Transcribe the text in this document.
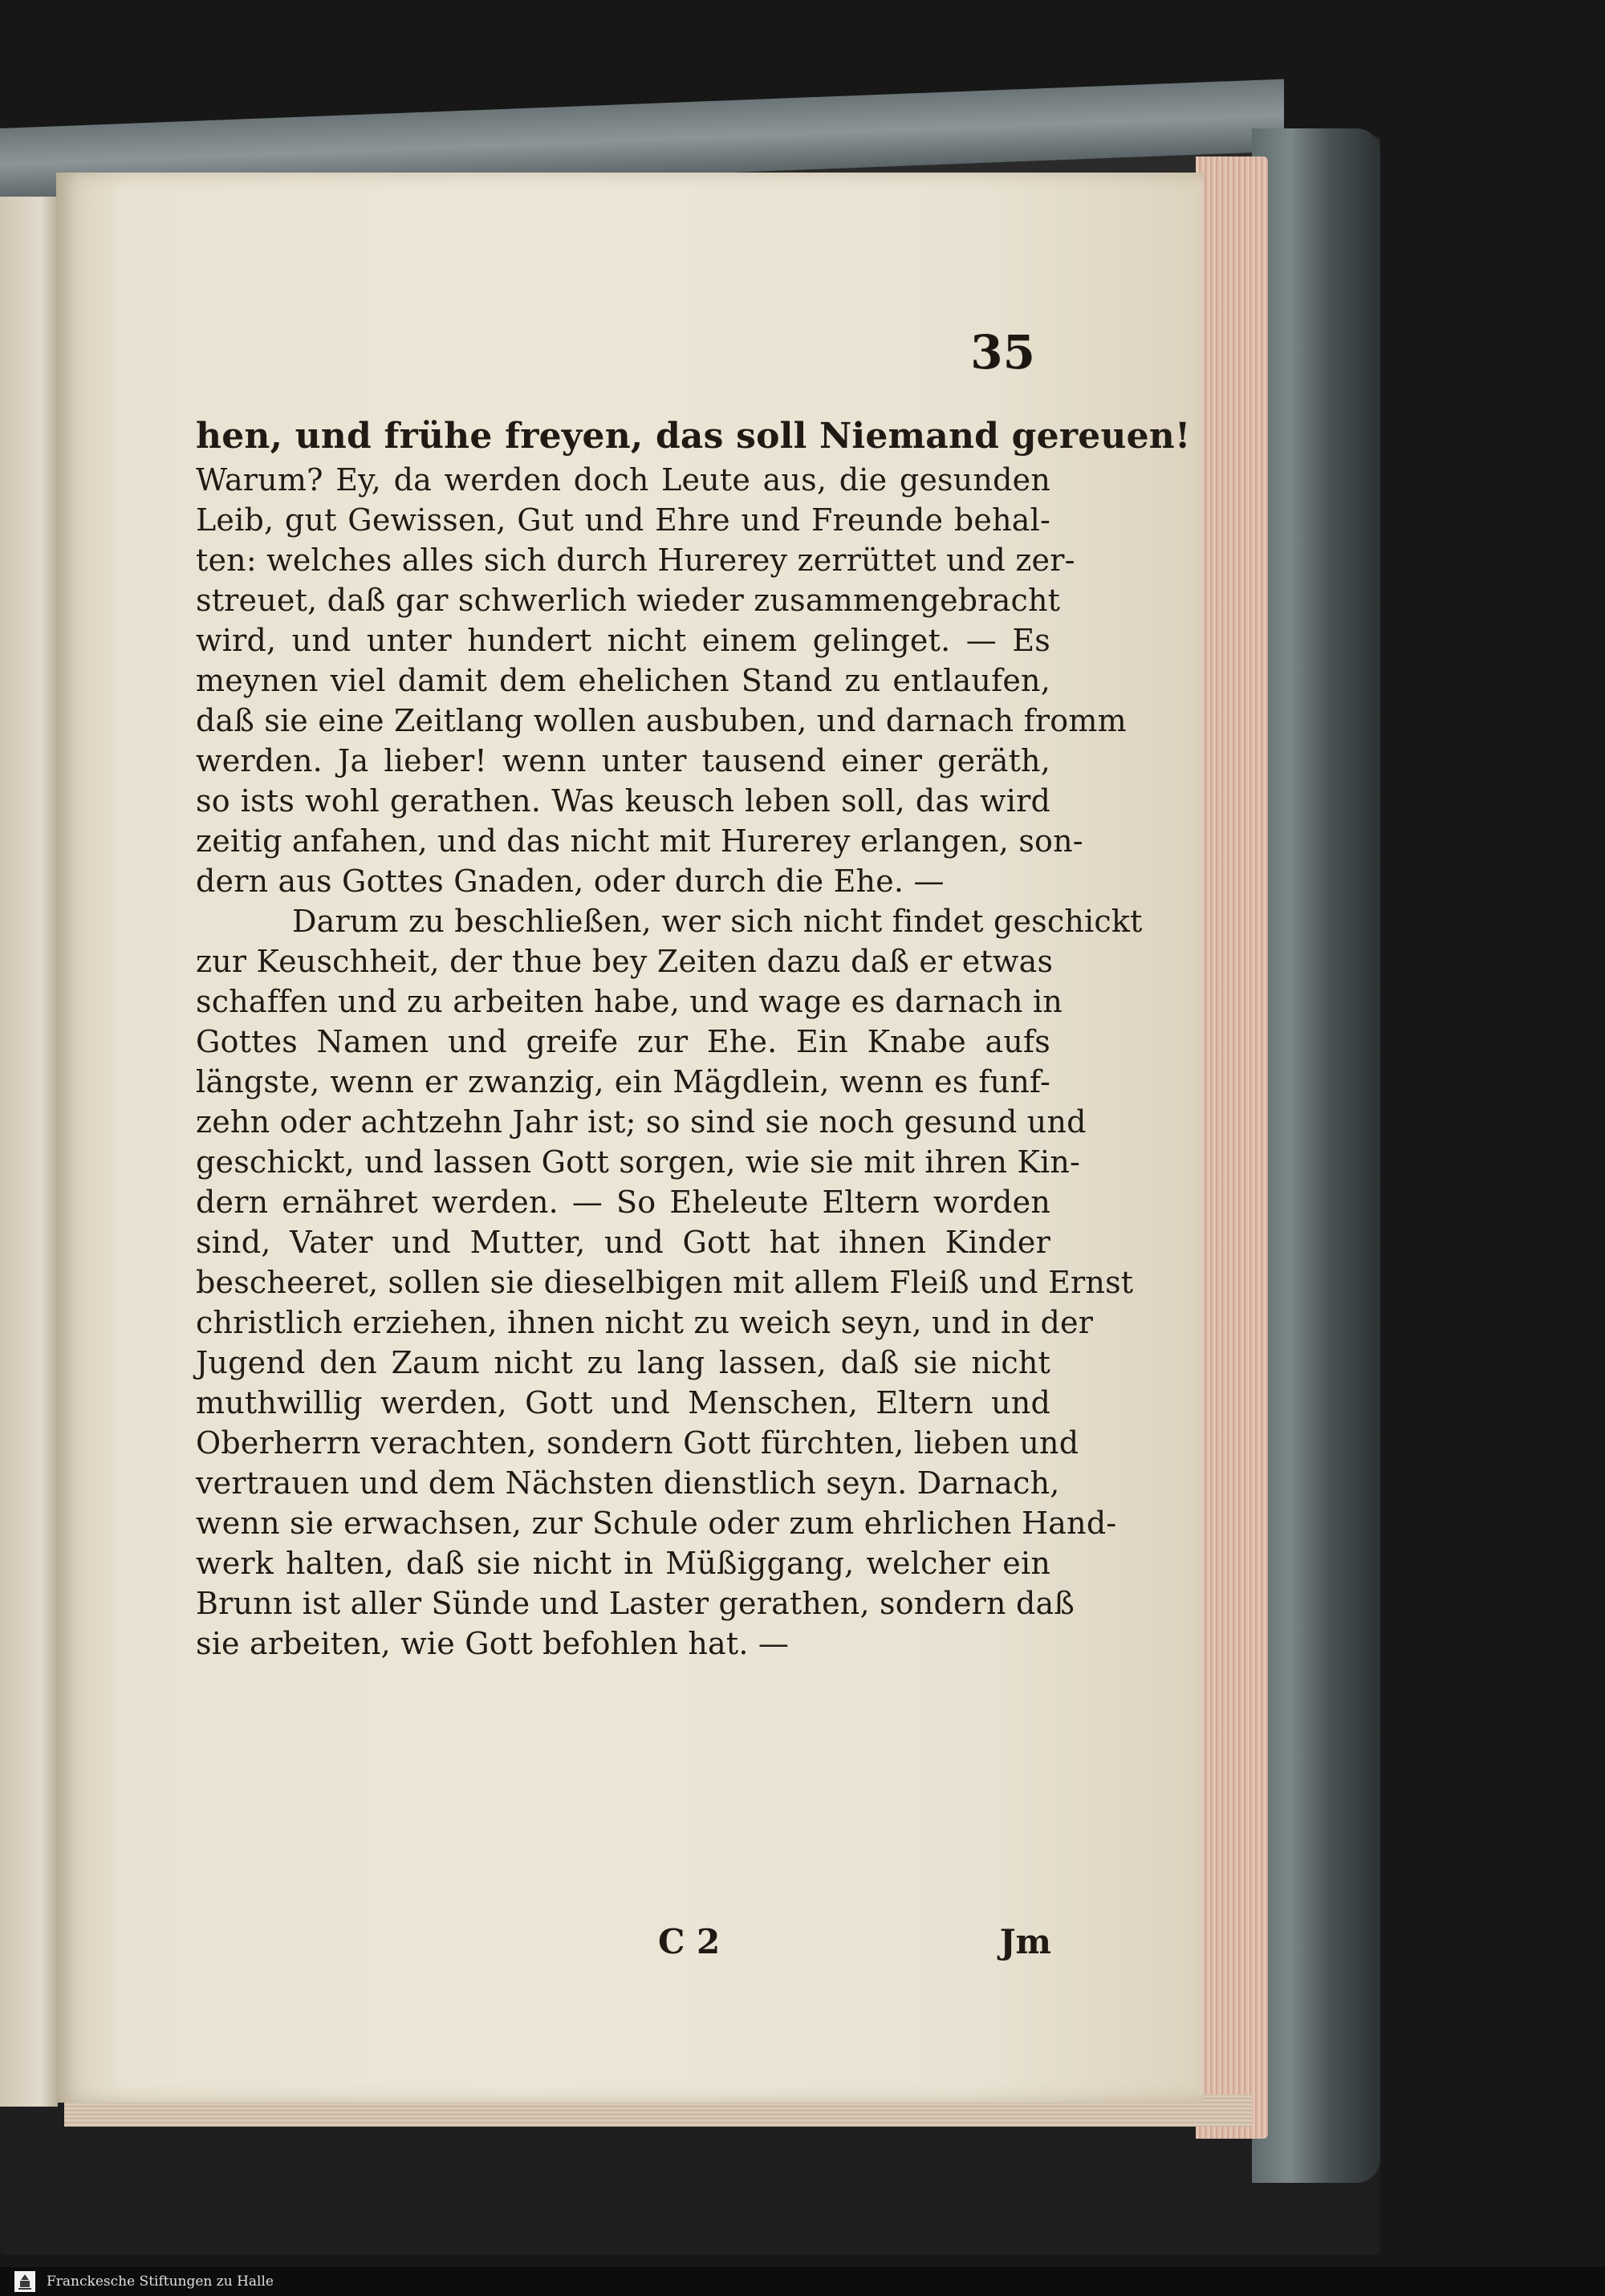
35
hen, und frühe freyen, das soll Niemand gereuen!
Warum? Ey, da werden doch Leute aus, die gesunden
Leib, gut Gewissen, Gut und Ehre und Freunde behal-
ten: welches alles sich durch Hurerey zerrüttet und zer-
streuet, daß gar schwerlich wieder zusammengebracht
wird, und unter hundert nicht einem gelinget. — Es
meynen viel damit dem ehelichen Stand zu entlaufen,
daß sie eine Zeitlang wollen ausbuben, und darnach fromm
werden. Ja lieber! wenn unter tausend einer geräth,
so ists wohl gerathen. Was keusch leben soll, das wird
zeitig anfahen, und das nicht mit Hurerey erlangen, son-
dern aus Gottes Gnaden, oder durch die Ehe. —
Darum zu beschließen, wer sich nicht findet geschickt
zur Keuschheit, der thue bey Zeiten dazu daß er etwas
schaffen und zu arbeiten habe, und wage es darnach in
Gottes Namen und greife zur Ehe. Ein Knabe aufs
längste, wenn er zwanzig, ein Mägdlein, wenn es funf-
zehn oder achtzehn Jahr ist; so sind sie noch gesund und
geschickt, und lassen Gott sorgen, wie sie mit ihren Kin-
dern ernähret werden. — So Eheleute Eltern worden
sind, Vater und Mutter, und Gott hat ihnen Kinder
bescheeret, sollen sie dieselbigen mit allem Fleiß und Ernst
christlich erziehen, ihnen nicht zu weich seyn, und in der
Jugend den Zaum nicht zu lang lassen, daß sie nicht
muthwillig werden, Gott und Menschen, Eltern und
Oberherrn verachten, sondern Gott fürchten, lieben und
vertrauen und dem Nächsten dienstlich seyn. Darnach,
wenn sie erwachsen, zur Schule oder zum ehrlichen Hand-
werk halten, daß sie nicht in Müßiggang, welcher ein
Brunn ist aller Sünde und Laster gerathen, sondern daß
sie arbeiten, wie Gott befohlen hat. —
C 2	Jm
Franckesche Stiftungen zu Halle
